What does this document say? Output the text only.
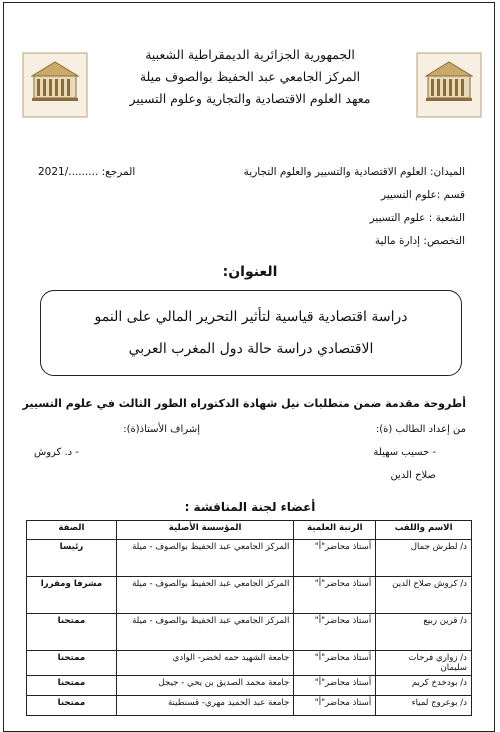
الجمهورية الجزائرية الديمقراطية الشعبية
المركز الجامعي عبد الحفيظ بوالصوف ميلة
معهد العلوم الاقتصادية والتجارية وعلوم التسيير
الميدان: العلوم الاقتصادية والتسيير والعلوم التجارية
قسم :علوم التسيير
الشعبة : علوم التسيير
التخصص: إدارة مالية
المرجع: ........./2021
العنوان:
دراسة اقتصادية قياسية لتأثير التحرير المالي على النمو
الاقتصادي دراسة حالة دول المغرب العربي
أطروحة مقدمة ضمن متطلبات نيل شهادة الدكتوراه الطور الثالث في علوم التسيير
من إعداد الطالب (ة):
إشراف الأستاذ(ة):
- حسيب سهيلة
- د. كروش
صلاح الدين
أعضاء لجنة المناقشة :
الاسم واللقب	الرتبة العلمية	المؤسسة الأصلية	الصفة
د/ لطرش جمال	أستاذ محاضر"أ"	المركز الجامعي عبد الحفيظ بوالصوف - ميلة	رئيسا
د/ كروش صلاح الدين	أستاذ محاضر"أ"	المركز الجامعي عبد الحفيظ بوالصوف - ميلة	مشرفا ومقررا
د/ قرين ربيع	أستاذ محاضر"أ"	المركز الجامعي عبد الحفيظ بوالصوف - ميلة	ممتحنا
د/ زواري فرحات سليمان	أستاذ محاضر"أ"	جامعة الشهيد حمه لخضر- الوادي	ممتحنا
د/ بودخدخ كريم	أستاذ محاضر"أ"	جامعة محمد الصديق بن يحي - جيجل	ممتحنا
د/ بوعروج لمياء	أستاذ محاضر"أ"	جامعة عبد الحميد مهري- قسنطينة	ممتحنا
